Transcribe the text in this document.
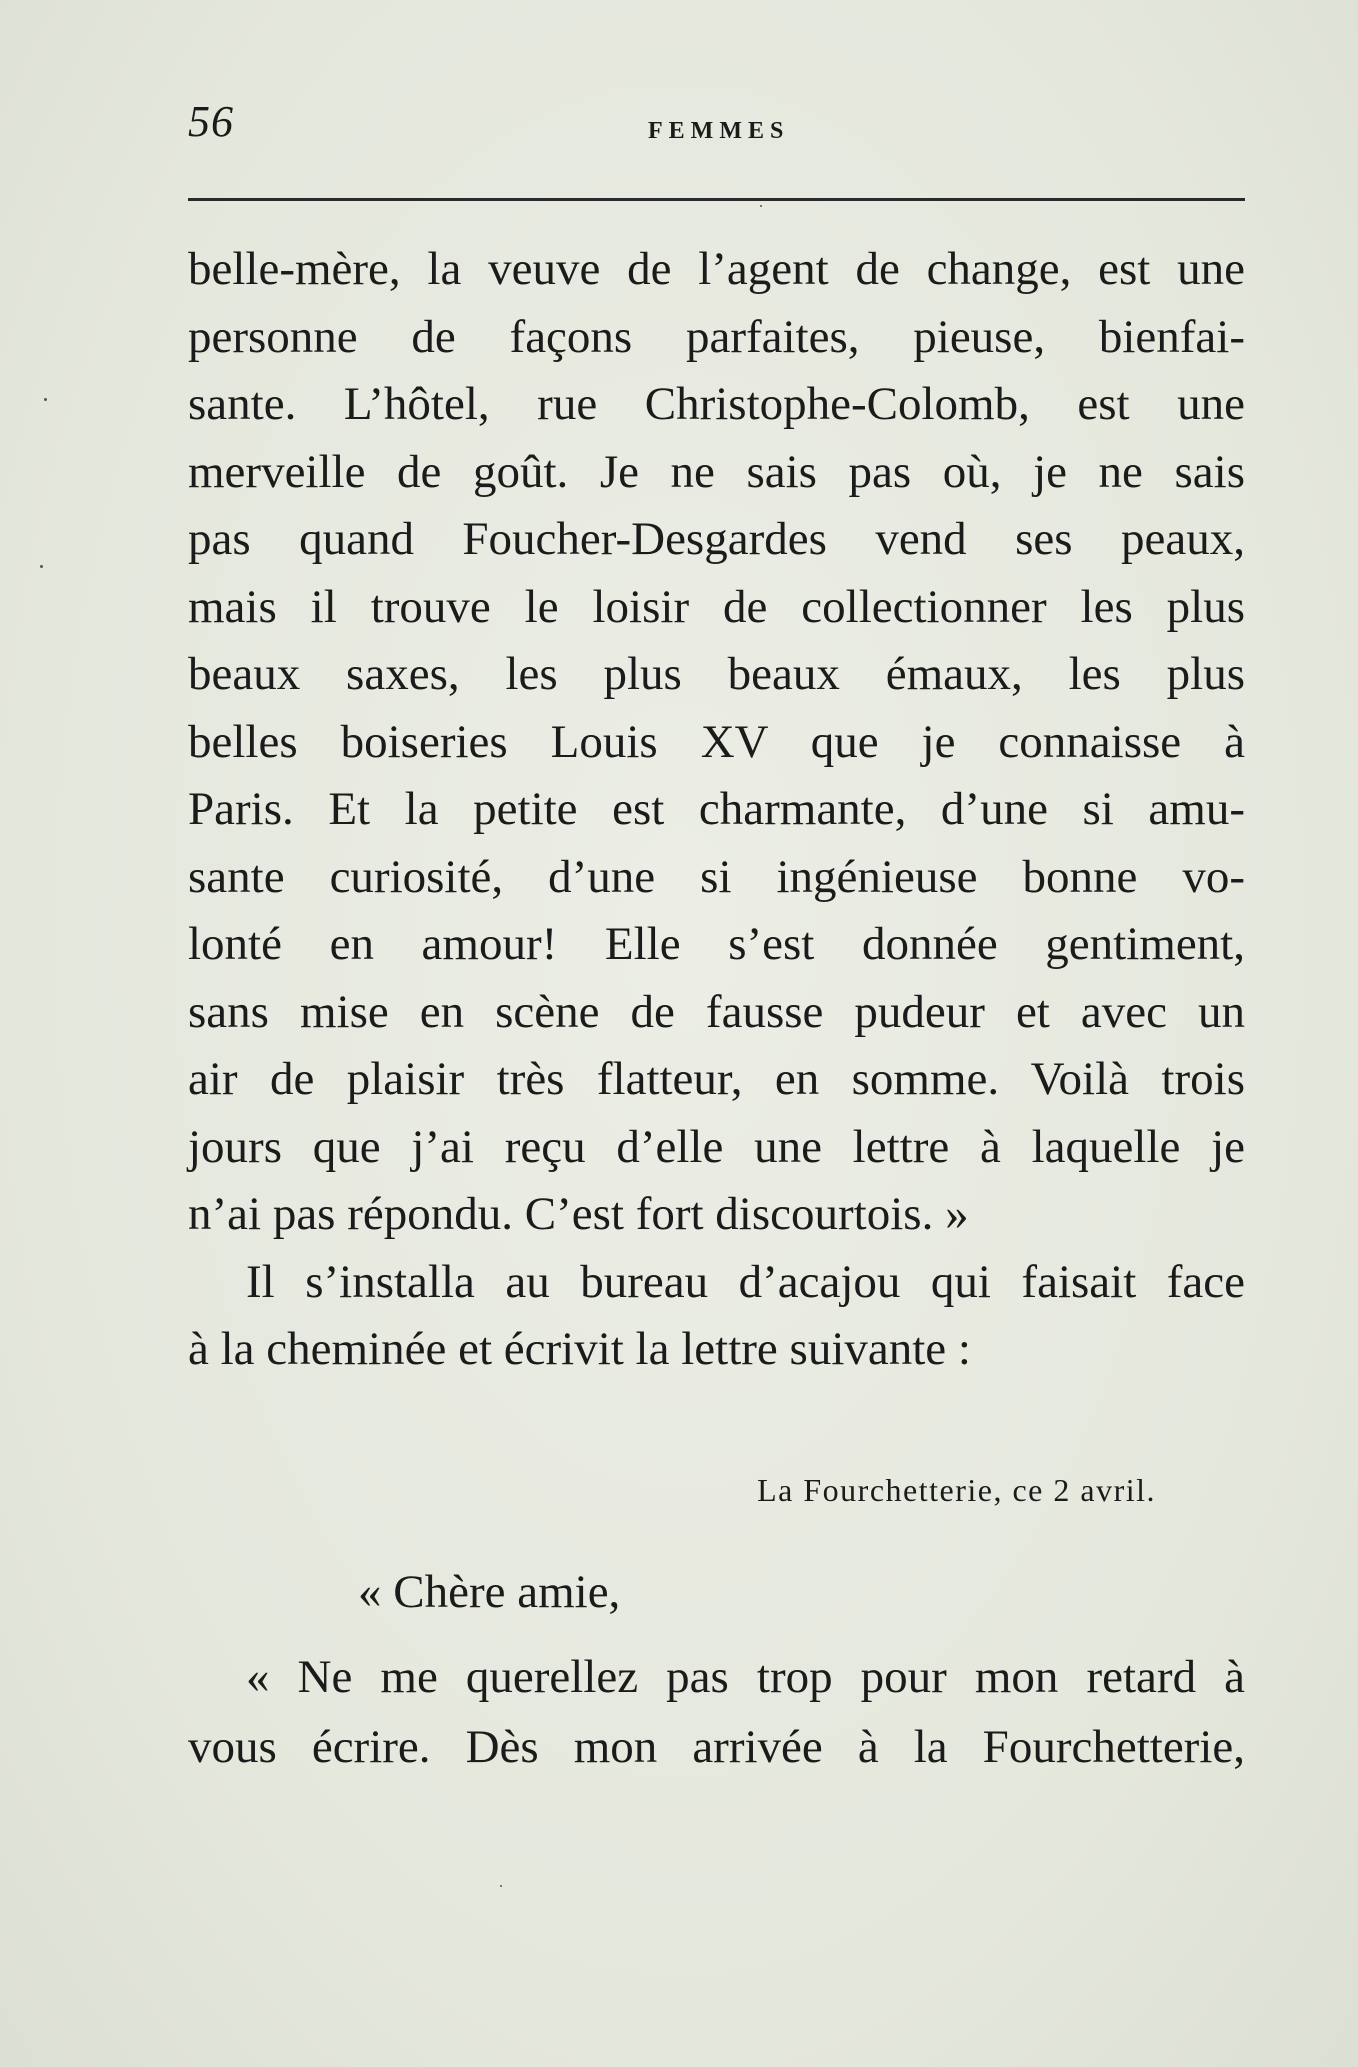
56	FEMMES
belle-mère, la veuve de l’agent de change, est une
personne de façons parfaites, pieuse, bienfai-
sante. L’hôtel, rue Christophe-Colomb, est une
merveille de goût. Je ne sais pas où, je ne sais
pas quand Foucher-Desgardes vend ses peaux,
mais il trouve le loisir de collectionner les plus
beaux saxes, les plus beaux émaux, les plus
belles boiseries Louis XV que je connaisse à
Paris. Et la petite est charmante, d’une si amu-
sante curiosité, d’une si ingénieuse bonne vo-
lonté en amour! Elle s’est donnée gentiment,
sans mise en scène de fausse pudeur et avec un
air de plaisir très flatteur, en somme. Voilà trois
jours que j’ai reçu d’elle une lettre à laquelle je
n’ai pas répondu. C’est fort discourtois. »
Il s’installa au bureau d’acajou qui faisait face
à la cheminée et écrivit la lettre suivante :
La Fourchetterie, ce 2 avril.
« Chère amie,
« Ne me querellez pas trop pour mon retard à
vous écrire. Dès mon arrivée à la Fourchetterie,
